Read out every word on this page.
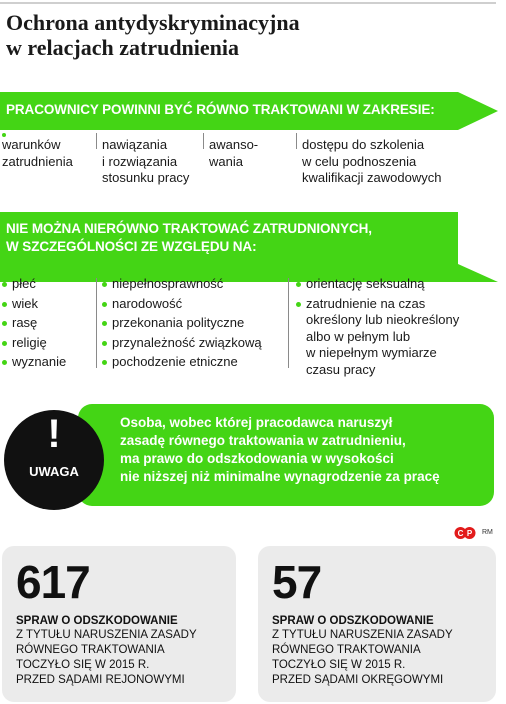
Ochrona antydyskryminacyjna
w relacjach zatrudnienia
PRACOWNICY POWINNI BYĆ RÓWNO TRAKTOWANI W ZAKRESIE:
warunków
zatrudnienia
nawiązania
i rozwiązania
stosunku pracy
awanso-
wania
dostępu do szkolenia
w celu podnoszenia
kwalifikacji zawodowych
NIE MOŻNA NIERÓWNO TRAKTOWAĆ ZATRUDNIONYCH,
W SZCZEGÓLNOŚCI ZE WZGLĘDU NA:
płeć
wiek
rasę
religię
wyznanie
niepełnosprawność
narodowość
przekonania polityczne
przynależność związkową
pochodzenie etniczne
orientację seksualną
zatrudnienie na czas
określony lub nieokreślony
albo w pełnym lub
w niepełnym wymiarze
czasu pracy
!
UWAGA
Osoba, wobec której pracodawca naruszył
zasadę równego traktowania w zatrudnieniu,
ma prawo do odszkodowania w wysokości
nie niższej niż minimalne wynagrodzenie za pracę
C P RM
617
SPRAW O ODSZKODOWANIE
Z TYTUŁU NARUSZENIA ZASADY
RÓWNEGO TRAKTOWANIA
TOCZYŁO SIĘ W 2015 R.
PRZED SĄDAMI REJONOWYMI
57
SPRAW O ODSZKODOWANIE
Z TYTUŁU NARUSZENIA ZASADY
RÓWNEGO TRAKTOWANIA
TOCZYŁO SIĘ W 2015 R.
PRZED SĄDAMI OKRĘGOWYMI
